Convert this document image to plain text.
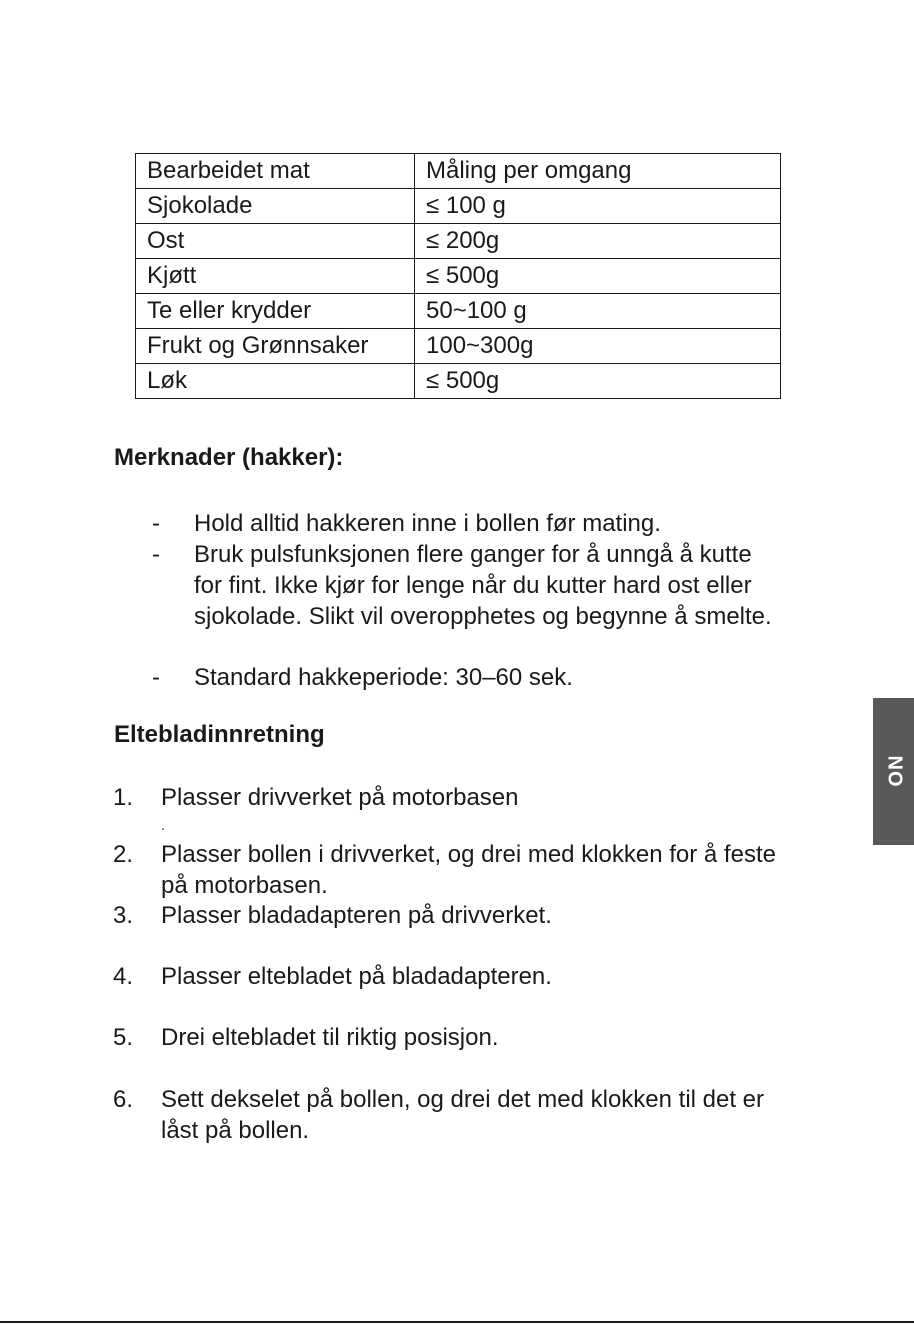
Bearbeidet mat	Måling per omgang
Sjokolade	≤ 100 g
Ost	≤ 200g
Kjøtt	≤ 500g
Te eller krydder	50~100 g
Frukt og Grønnsaker	100~300g
Løk	≤ 500g
Merknader (hakker):
-	Hold alltid hakkeren inne i bollen før mating.
-	Bruk pulsfunksjonen flere ganger for å unngå å kutte for fint. Ikke kjør for lenge når du kutter hard ost eller sjokolade. Slikt vil overopphetes og begynne å smelte.
-	Standard hakkeperiode: 30–60 sek.
Eltebladinnretning
1.	Plasser drivverket på motorbasen
.
2.	Plasser bollen i drivverket, og drei med klokken for å feste på motorbasen.
3.	Plasser bladadapteren på drivverket.
4.	Plasser eltebladet på bladadapteren.
5.	Drei eltebladet til riktig posisjon.
6.	Sett dekselet på bollen, og drei det med klokken til det er låst på bollen.
NO
